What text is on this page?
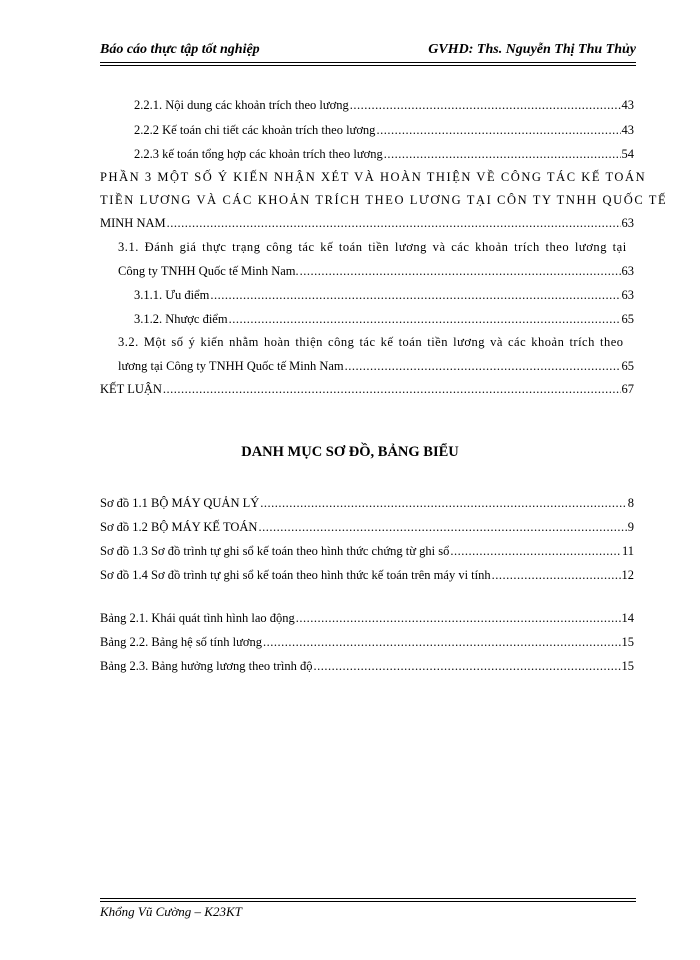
Báo cáo thực tập tốt nghiệp	GVHD: Ths. Nguyễn Thị Thu Thủy
2.2.1. Nội dung các khoản trích theo lương .....	43
2.2.2 Kế toán chi tiết các khoản trích theo lương .....	43
2.2.3 kế toán tổng hợp các khoản trích theo lương .....	54
PHẦN 3 MỘT SỐ Ý KIẾN NHẬN XÉT VÀ HOÀN THIỆN VỀ CÔNG TÁC KẾ TOÁN
TIỀN LƯƠNG VÀ CÁC KHOẢN TRÍCH THEO LƯƠNG TẠI CÔN TY TNHH QUỐC TẾ
MINH NAM .....	63
3.1. Đánh giá thực trạng công tác kế toán tiền lương và các khoản trích theo lương tại
Công ty TNHH Quốc tế Minh Nam. .....	63
3.1.1. Ưu điểm .....	63
3.1.2. Nhược điểm .....	65
3.2. Một số ý kiến nhằm hoàn thiện công tác kế toán tiền lương và các khoản trích theo
lương tại Công ty TNHH Quốc tế Minh Nam .....	65
KẾT LUẬN .....	67
DANH MỤC SƠ ĐỒ, BẢNG BIỂU
Sơ đồ 1.1 BỘ MÁY QUẢN LÝ .....	8
Sơ đồ 1.2 BỘ MÁY KẾ TOÁN .....	9
Sơ đồ 1.3 Sơ đồ trình tự ghi sổ kế toán theo hình thức chứng từ ghi sổ .....	11
Sơ đồ 1.4 Sơ đồ trình tự ghi sổ kế toán theo hình thức kế toán trên máy vi tính .....	12
Bảng 2.1. Khái quát tình hình lao động .....	14
Bảng 2.2. Bảng hệ số tính lương .....	15
Bảng 2.3. Bảng hưởng lương theo trình độ .....	15
Khổng Vũ Cường – K23KT
